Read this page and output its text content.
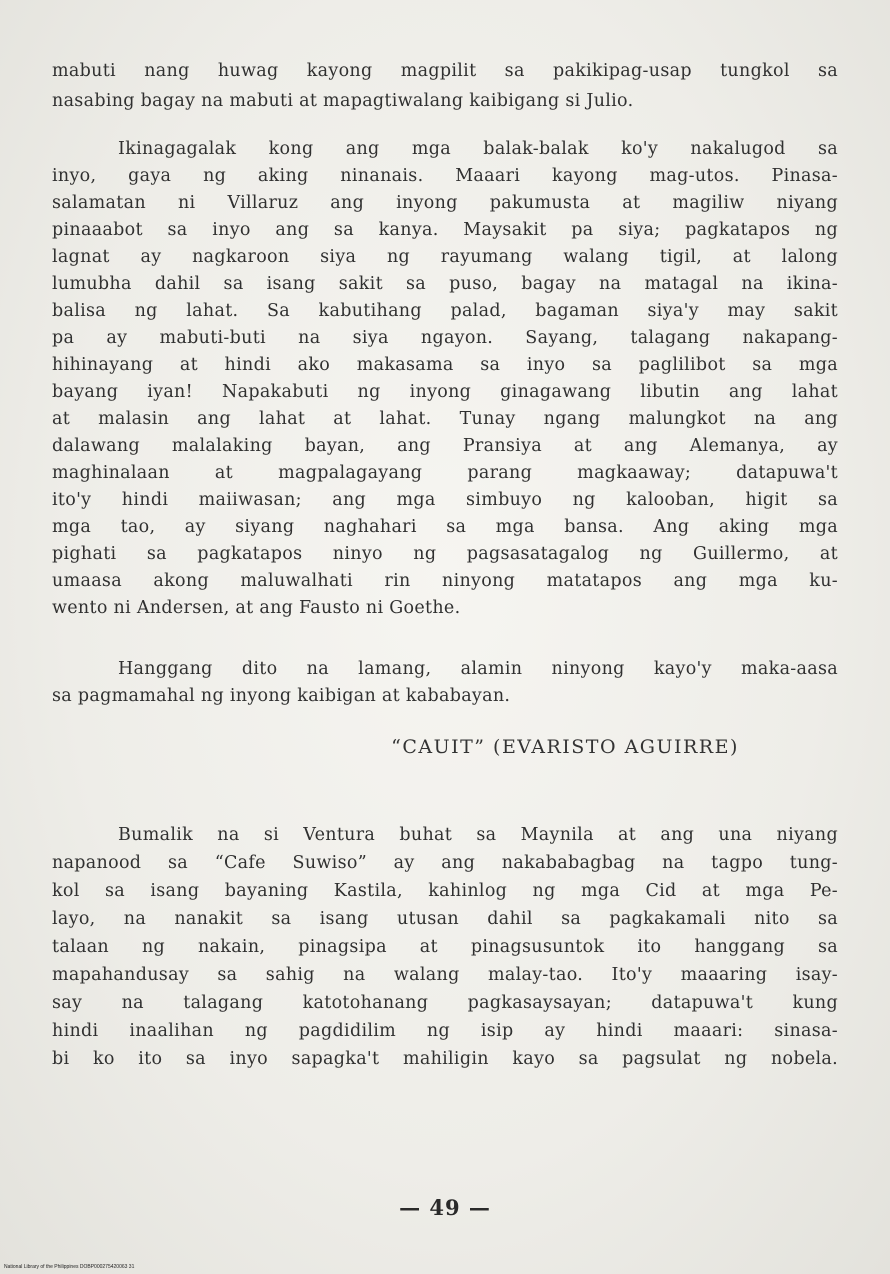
mabuti nang huwag kayong magpilit sa pakikipag-usap tungkol sa
nasabing bagay na mabuti at mapagtiwalang kaibigang si Julio.
Ikinagagalak kong ang mga balak-balak ko'y nakalugod sa
inyo, gaya ng aking ninanais. Maaari kayong mag-utos. Pinasa-
salamatan ni Villaruz ang inyong pakumusta at magiliw niyang
pinaaabot sa inyo ang sa kanya. Maysakit pa siya; pagkatapos ng
lagnat ay nagkaroon siya ng rayumang walang tigil, at lalong
lumubha dahil sa isang sakit sa puso, bagay na matagal na ikina-
balisa ng lahat. Sa kabutihang palad, bagaman siya'y may sakit
pa ay mabuti-buti na siya ngayon. Sayang, talagang nakapang-
hihinayang at hindi ako makasama sa inyo sa paglilibot sa mga
bayang iyan! Napakabuti ng inyong ginagawang libutin ang lahat
at malasin ang lahat at lahat. Tunay ngang malungkot na ang
dalawang malalaking bayan, ang Pransiya at ang Alemanya, ay
maghinalaan at magpalagayang parang magkaaway; datapuwa't
ito'y hindi maiiwasan; ang mga simbuyo ng kalooban, higit sa
mga tao, ay siyang naghahari sa mga bansa. Ang aking mga
pighati sa pagkatapos ninyo ng pagsasatagalog ng Guillermo, at
umaasa akong maluwalhati rin ninyong matatapos ang mga ku-
wento ni Andersen, at ang Fausto ni Goethe.
Hanggang dito na lamang, alamin ninyong kayo'y maka-aasa
sa pagmamahal ng inyong kaibigan at kababayan.
“CAUIT” (EVARISTO AGUIRRE)
Bumalik na si Ventura buhat sa Maynila at ang una niyang
napanood sa “Cafe Suwiso” ay ang nakababagbag na tagpo tung-
kol sa isang bayaning Kastila, kahinlog ng mga Cid at mga Pe-
layo, na nanakit sa isang utusan dahil sa pagkakamali nito sa
talaan ng nakain, pinagsipa at pinagsusuntok ito hanggang sa
mapahandusay sa sahig na walang malay-tao. Ito'y maaaring isay-
say na talagang katotohanang pagkasaysayan; datapuwa't kung
hindi inaalihan ng pagdidilim ng isip ay hindi maaari: sinasa-
bi ko ito sa inyo sapagka't mahiligin kayo sa pagsulat ng nobela.
— 49 —
National Library of the Philippines DOBP000275420063 31
